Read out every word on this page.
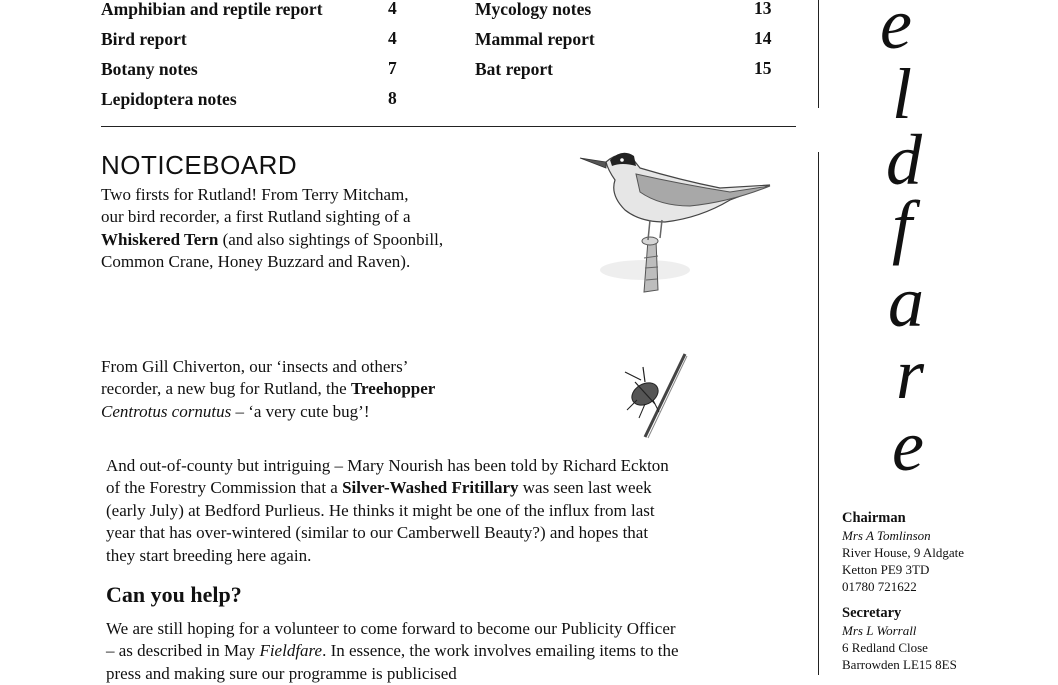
Amphibian and reptile report
Bird report
Botany notes
Lepidoptera notes
Mycology notes
Mammal report
Bat report
4
4
7
8
13
14
15
NOTICEBOARD
Two firsts for Rutland! From Terry Mitcham,
our bird recorder, a first Rutland sighting of a
Whiskered Tern (and also sightings of Spoonbill,
Common Crane, Honey Buzzard and Raven).
From Gill Chiverton, our ‘insects and others’
recorder, a new bug for Rutland, the Treehopper
Centrotus cornutus – ‘a very cute bug’!
And out-of-county but intriguing – Mary Nourish has been told by Richard Eckton
of the Forestry Commission that a Silver-Washed Fritillary was seen last week
(early July) at Bedford Purlieus. He thinks it might be one of the influx from last
year that has over-wintered (similar to our Camberwell Beauty?) and hopes that
they start breeding here again.
Can you help?
We are still hoping for a volunteer to come forward to become our Publicity Officer
– as described in May Fieldfare. In essence, the work involves emailing items to the
press and making sure our programme is publicised
e
l
d
f
a
r
e
Chairman
Mrs A Tomlinson
River House, 9 Aldgate
Ketton PE9 3TD
01780 721622
Secretary
Mrs L Worrall
6 Redland Close
Barrowden LE15 8ES
